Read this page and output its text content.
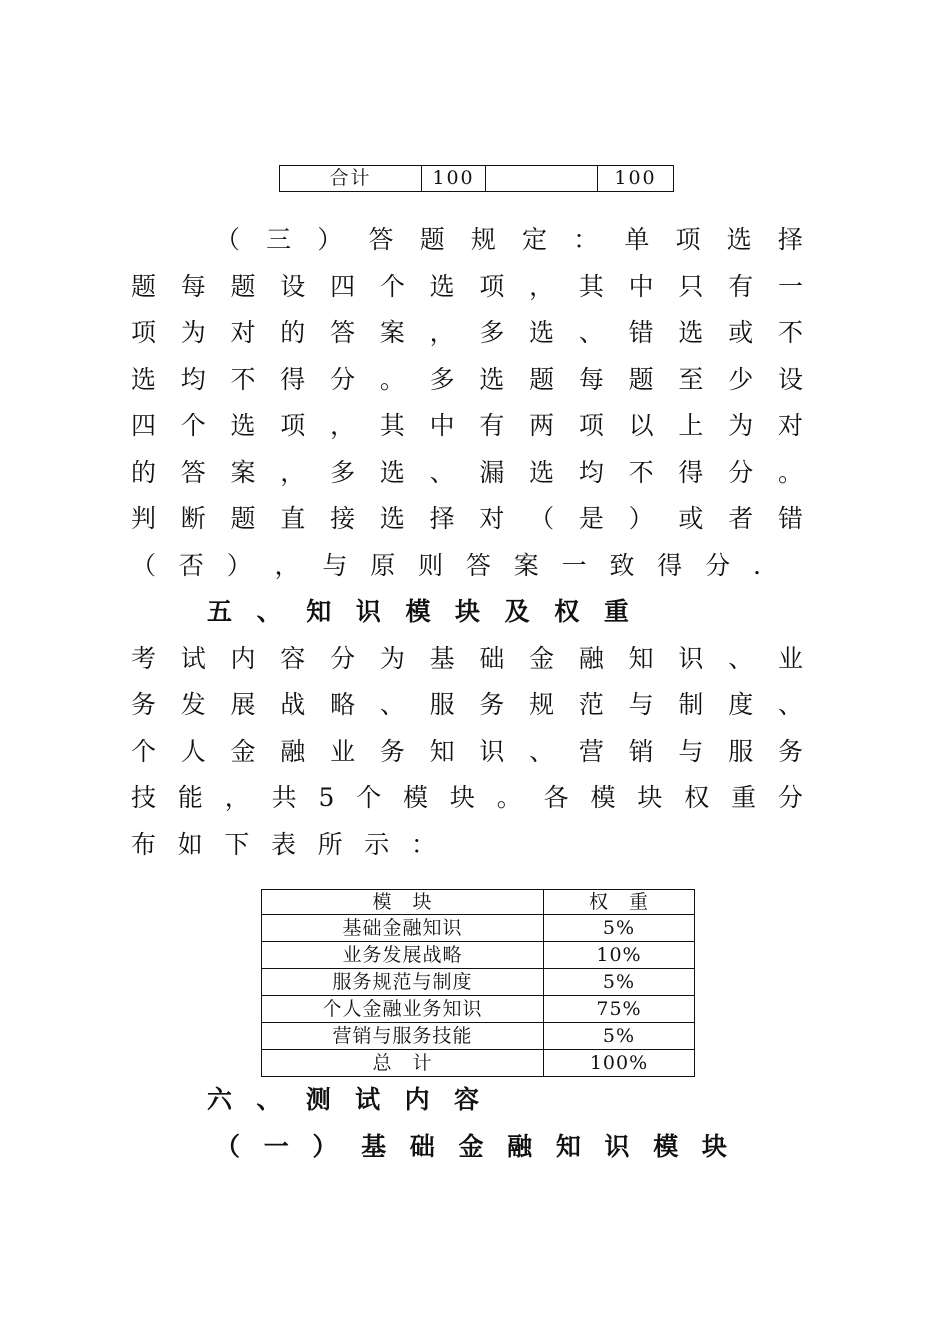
合计	100		100
（ 三 ） 答 题 规 定 ： 单 项 选 择
题 每 题 设 四 个 选 项 ， 其 中 只 有 一
项 为 对 的 答 案 ， 多 选 、 错 选 或 不
选 均 不 得 分 。 多 选 题 每 题 至 少 设
四 个 选 项 ， 其 中 有 两 项 以 上 为 对
的 答 案 ， 多 选 、 漏 选 均 不 得 分 。
判 断 题 直 接 选 择 对 （ 是 ） 或 者 错
（ 否 ） ， 与 原 则 答 案 一 致 得 分 .
五 、 知 识 模 块 及 权 重
考 试 内 容 分 为 基 础 金 融 知 识 、 业
务 发 展 战 略 、 服 务 规 范 与 制 度 、
个 人 金 融 业 务 知 识 、 营 销 与 服 务
技 能 ， 共 5 个 模 块 。 各 模 块 权 重 分
布 如 下 表 所 示 ：
模　块	权　重
基础金融知识	5%
业务发展战略	10%
服务规范与制度	5%
个人金融业务知识	75%
营销与服务技能	5%
总　计	100%
六 、 测 试 内 容
（ 一 ） 基 础 金 融 知 识 模 块
